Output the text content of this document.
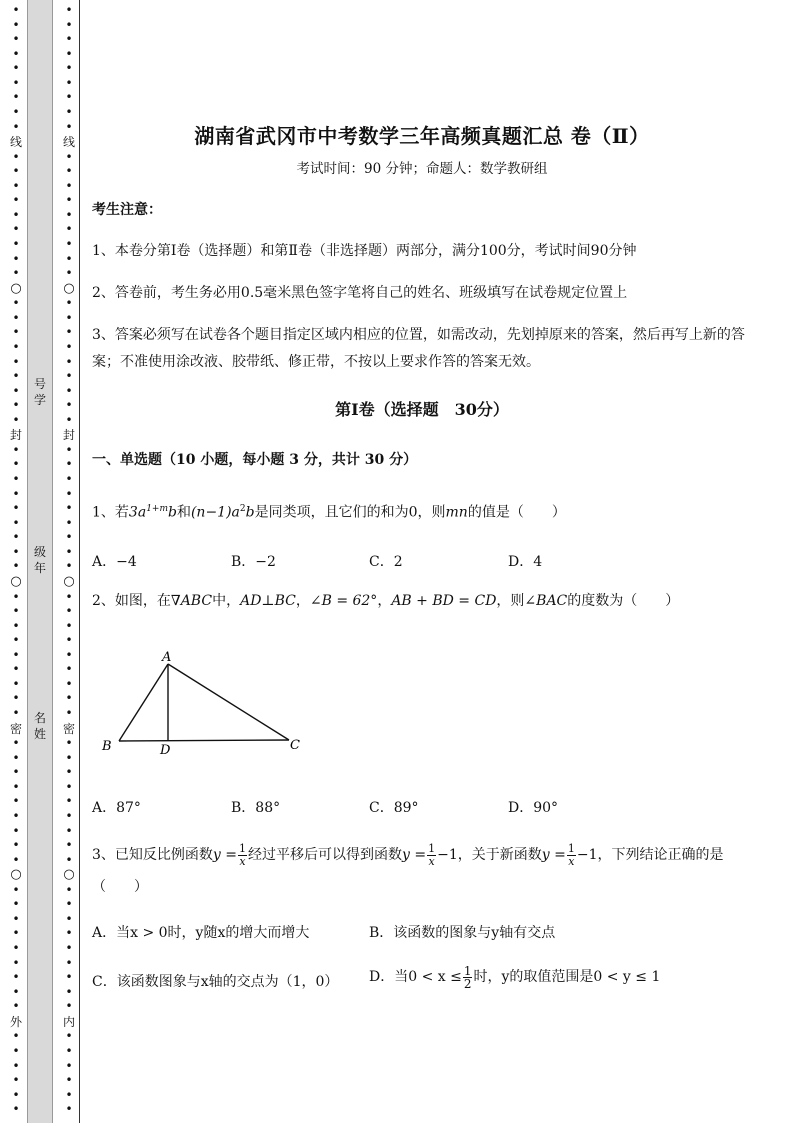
号
学
级
年
名
姓
•
•
•
•
•
•
•
•
•
线
•
•
•
•
•
•
•
•
•
○
•
•
•
•
•
•
•
•
•
封
•
•
•
•
•
•
•
•
•
○
•
•
•
•
•
•
•
•
•
密
•
•
•
•
•
•
•
•
•
○
•
•
•
•
•
•
•
•
•
外
•
•
•
•
•
•
•
•
•
•
•
•
•
•
•
线
•
•
•
•
•
•
•
•
•
○
•
•
•
•
•
•
•
•
•
封
•
•
•
•
•
•
•
•
•
○
•
•
•
•
•
•
•
•
•
密
•
•
•
•
•
•
•
•
•
○
•
•
•
•
•
•
•
•
•
内
•
•
•
•
•
•
湖南省武冈市中考数学三年高频真题汇总 卷（Ⅱ）
考试时间：90 分钟；命题人：数学教研组
考生注意：
1、本卷分第Ⅰ卷（选择题）和第Ⅱ卷（非选择题）两部分，满分100分，考试时间90分钟
2、答卷前，考生务必用0.5毫米黑色签字笔将自己的姓名、班级填写在试卷规定位置上
3、答案必须写在试卷各个题目指定区域内相应的位置，如需改动，先划掉原来的答案，然后再写上新的答案；不准使用涂改液、胶带纸、修正带，不按以上要求作答的答案无效。
第Ⅰ卷（选择题　30分）
一、单选题（10 小题，每小题 3 分，共计 30 分）
1、若$3a^{1+m}b$和$(n-1)a^2b$是同类项，且它们的和为0，则mn的值是（　　）
A．−4	B．−2	C．2	D．4
2、如图，在∇ABC中，AD⊥BC，∠B = 62°，AB + BD = CD，则∠BAC的度数为（　　）
A．87°	B．88°	C．89°	D．90°
3、已知反比例函数$y = \frac{1}{x}$ 经过平移后可以得到函数$y = \frac{1}{x} -1$，关于新函数$y = \frac{1}{x} -1$，下列结论正确的是
（　　）
A．当x > 0时，y随x的增大而增大	B．该函数的图象与y轴有交点
C．该函数图象与x轴的交点为（1，0） D．当$0 < x \le \frac{1}{2}$ 时，y的取值范围是0 < y ≤ 1
A
B	D	C
